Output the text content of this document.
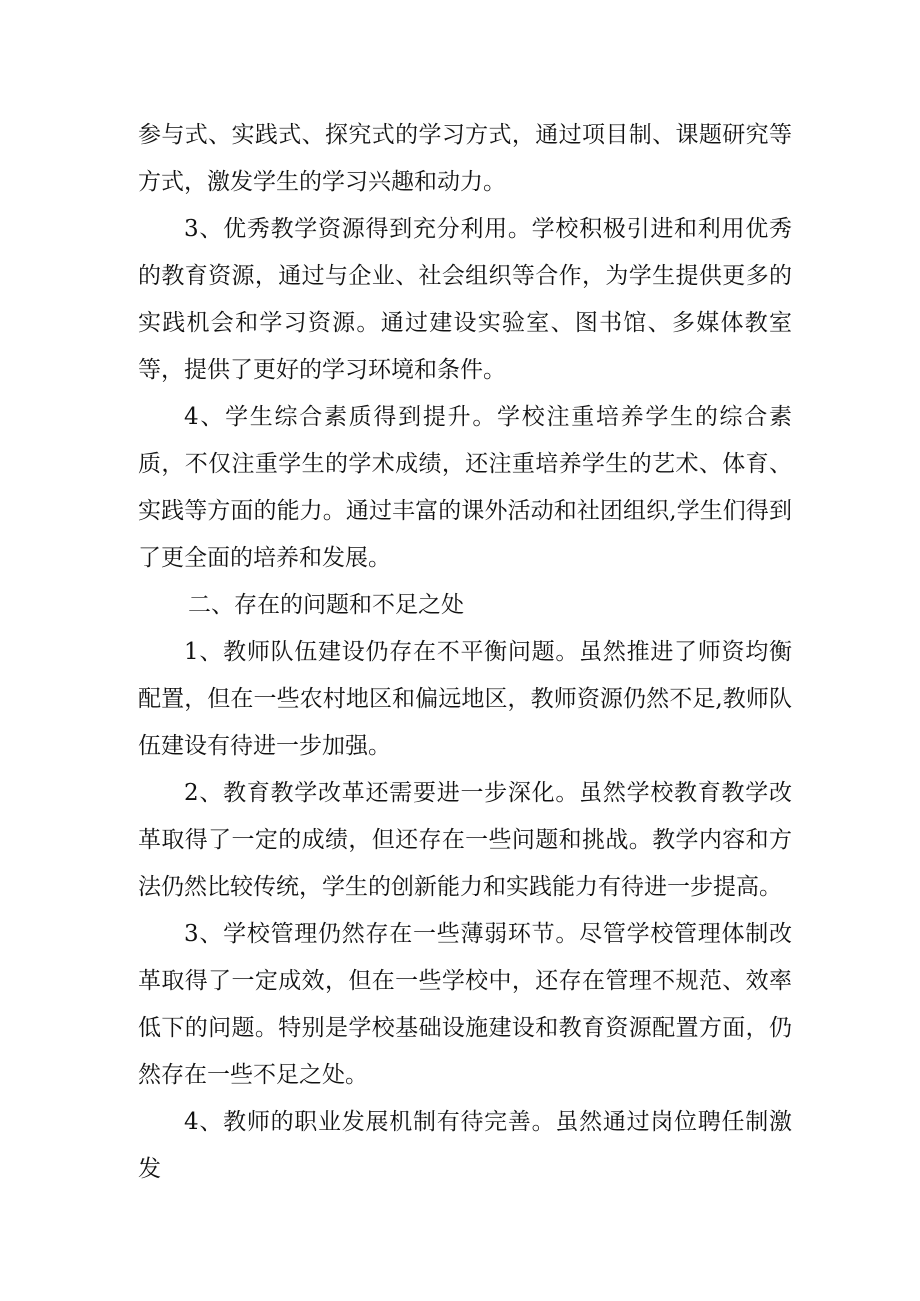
参与式、实践式、探究式的学习方式，通过项目制、课题研究等方式，激发学生的学习兴趣和动力。

3、优秀教学资源得到充分利用。学校积极引进和利用优秀的教育资源，通过与企业、社会组织等合作，为学生提供更多的实践机会和学习资源。通过建设实验室、图书馆、多媒体教室等，提供了更好的学习环境和条件。

4、学生综合素质得到提升。学校注重培养学生的综合素质，不仅注重学生的学术成绩，还注重培养学生的艺术、体育、实践等方面的能力。通过丰富的课外活动和社团组织,学生们得到了更全面的培养和发展。

二、存在的问题和不足之处

1、教师队伍建设仍存在不平衡问题。虽然推进了师资均衡配置，但在一些农村地区和偏远地区，教师资源仍然不足,教师队伍建设有待进一步加强。

2、教育教学改革还需要进一步深化。虽然学校教育教学改革取得了一定的成绩，但还存在一些问题和挑战。教学内容和方法仍然比较传统，学生的创新能力和实践能力有待进一步提高。

3、学校管理仍然存在一些薄弱环节。尽管学校管理体制改革取得了一定成效，但在一些学校中，还存在管理不规范、效率低下的问题。特别是学校基础设施建设和教育资源配置方面，仍然存在一些不足之处。

4、教师的职业发展机制有待完善。虽然通过岗位聘任制激发
